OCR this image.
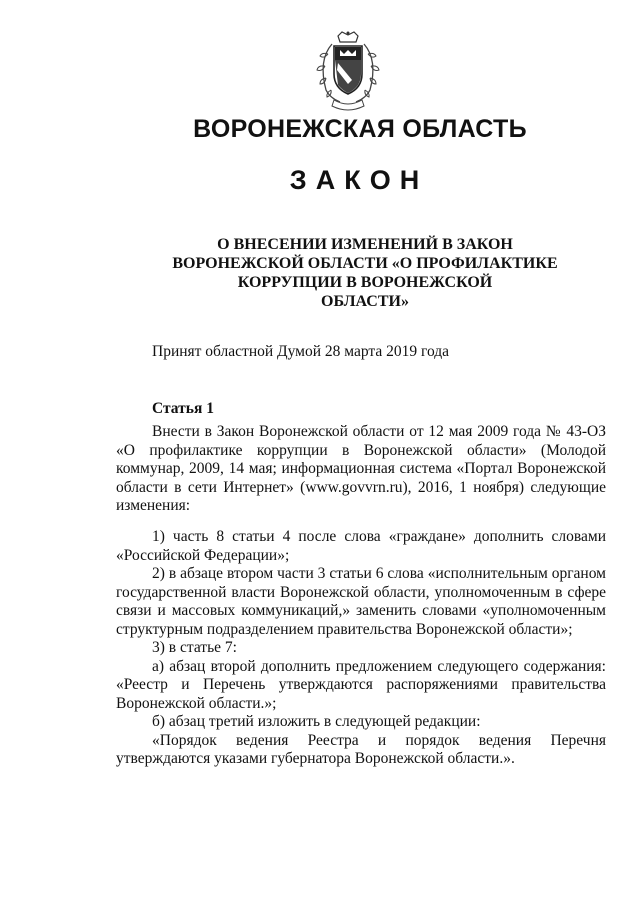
ВОРОНЕЖСКАЯ ОБЛАСТЬ
ЗАКОН
О ВНЕСЕНИИ ИЗМЕНЕНИЙ В ЗАКОН
ВОРОНЕЖСКОЙ ОБЛАСТИ «О ПРОФИЛАКТИКЕ
КОРРУПЦИИ В ВОРОНЕЖСКОЙ
ОБЛАСТИ»
Принят областной Думой 28 марта 2019 года
Статья 1

Внести в Закон Воронежской области от 12 мая 2009 года № 43-ОЗ «О профилактике коррупции в Воронежской области» (Молодой коммунар, 2009, 14 мая; информационная система «Портал Воронежской области в сети Интернет» (www.govvrn.ru), 2016, 1 ноября) следующие изменения:

1) часть 8 статьи 4 после слова «граждане» дополнить словами «Российской Федерации»;

2) в абзаце втором части 3 статьи 6 слова «исполнительным органом государственной власти Воронежской области, уполномоченным в сфере связи и массовых коммуникаций,» заменить словами «уполномоченным структурным подразделением правительства Воронежской области»;

3) в статье 7:

а) абзац второй дополнить предложением следующего содержания: «Реестр и Перечень утверждаются распоряжениями правительства Воронежской области.»;

б) абзац третий изложить в следующей редакции:

«Порядок ведения Реестра и порядок ведения Перечня утверждаются указами губернатора Воронежской области.».
